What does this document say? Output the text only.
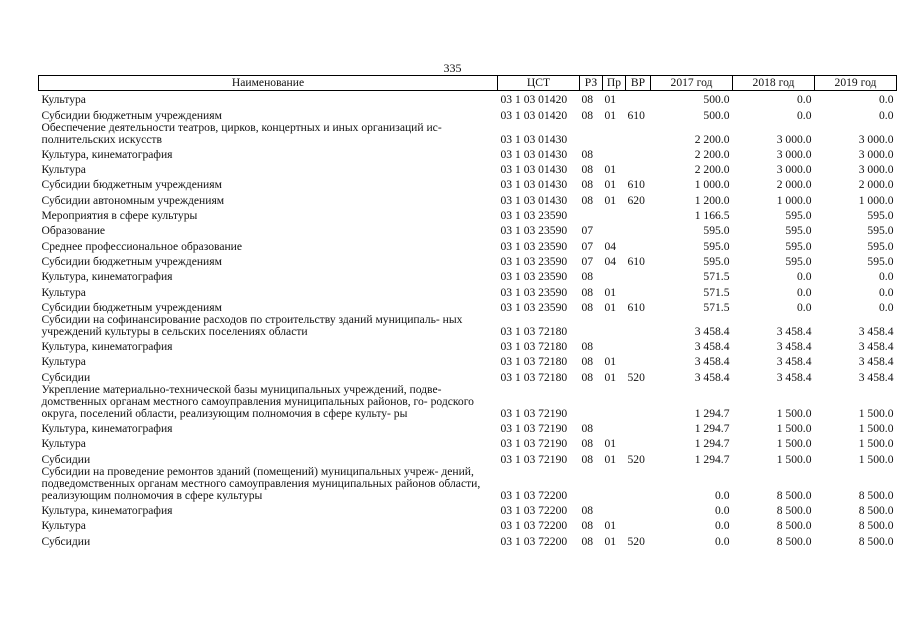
335
Наименование	ЦСТ	РЗ	Пр	ВР	2017 год	2018 год	2019 год
Культура	03 1 03 01420	08	01		500.0	0.0	0.0
Субсидии бюджетным учреждениям	03 1 03 01420	08	01	610	500.0	0.0	0.0
Обеспечение деятельности театров, цирков, концертных и иных организаций ис- полнительских искусств	03 1 03 01430				2 200.0	3 000.0	3 000.0
Культура, кинематография	03 1 03 01430	08			2 200.0	3 000.0	3 000.0
Культура	03 1 03 01430	08	01		2 200.0	3 000.0	3 000.0
Субсидии бюджетным учреждениям	03 1 03 01430	08	01	610	1 000.0	2 000.0	2 000.0
Субсидии автономным учреждениям	03 1 03 01430	08	01	620	1 200.0	1 000.0	1 000.0
Мероприятия в сфере культуры	03 1 03 23590				1 166.5	595.0	595.0
Образование	03 1 03 23590	07			595.0	595.0	595.0
Среднее профессиональное образование	03 1 03 23590	07	04		595.0	595.0	595.0
Субсидии бюджетным учреждениям	03 1 03 23590	07	04	610	595.0	595.0	595.0
Культура, кинематография	03 1 03 23590	08			571.5	0.0	0.0
Культура	03 1 03 23590	08	01		571.5	0.0	0.0
Субсидии бюджетным учреждениям	03 1 03 23590	08	01	610	571.5	0.0	0.0
Субсидии на софинансирование расходов по строительству зданий муниципаль- ных учреждений культуры в сельских поселениях области	03 1 03 72180				3 458.4	3 458.4	3 458.4
Культура, кинематография	03 1 03 72180	08			3 458.4	3 458.4	3 458.4
Культура	03 1 03 72180	08	01		3 458.4	3 458.4	3 458.4
Субсидии	03 1 03 72180	08	01	520	3 458.4	3 458.4	3 458.4
Укрепление материально-технической базы муниципальных учреждений, подве- домственных органам местного самоуправления муниципальных районов, го- родского округа, поселений области, реализующим полномочия в сфере культу- ры	03 1 03 72190				1 294.7	1 500.0	1 500.0
Культура, кинематография	03 1 03 72190	08			1 294.7	1 500.0	1 500.0
Культура	03 1 03 72190	08	01		1 294.7	1 500.0	1 500.0
Субсидии	03 1 03 72190	08	01	520	1 294.7	1 500.0	1 500.0
Субсидии на проведение ремонтов зданий (помещений) муниципальных учреж- дений, подведомственных органам местного самоуправления муниципальных районов области, реализующим полномочия в сфере культуры	03 1 03 72200				0.0	8 500.0	8 500.0
Культура, кинематография	03 1 03 72200	08			0.0	8 500.0	8 500.0
Культура	03 1 03 72200	08	01		0.0	8 500.0	8 500.0
Субсидии	03 1 03 72200	08	01	520	0.0	8 500.0	8 500.0
